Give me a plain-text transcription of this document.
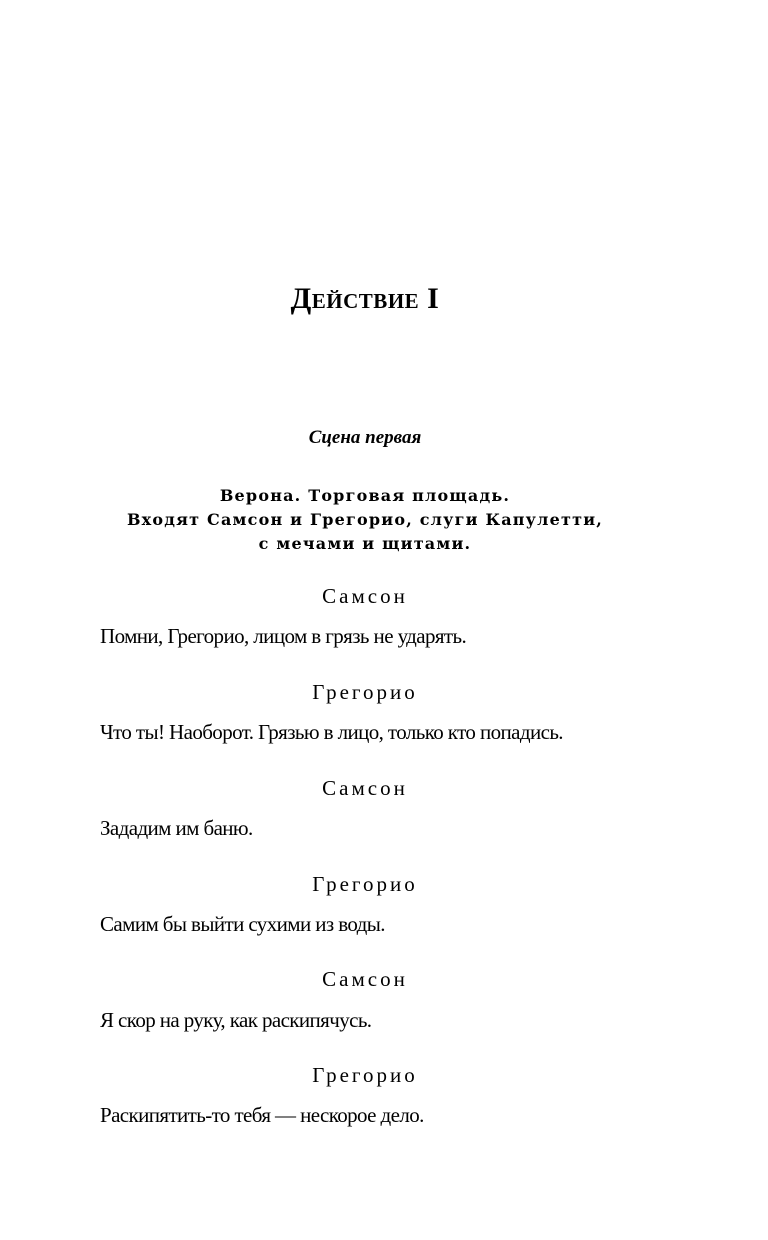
Действие I
Сцена первая
Верона. Торговая площадь.
Входят Самсон и Грегорио, слуги Капулетти,
с мечами и щитами.
Самсон

Помни, Грегорио, лицом в грязь не ударять.

Грегорио

Что ты! Наоборот. Грязью в лицо, только кто попадись.

Самсон

Зададим им баню.

Грегорио

Самим бы выйти сухими из воды.

Самсон

Я скор на руку, как раскипячусь.

Грегорио

Раскипятить-то тебя — нескорое дело.
